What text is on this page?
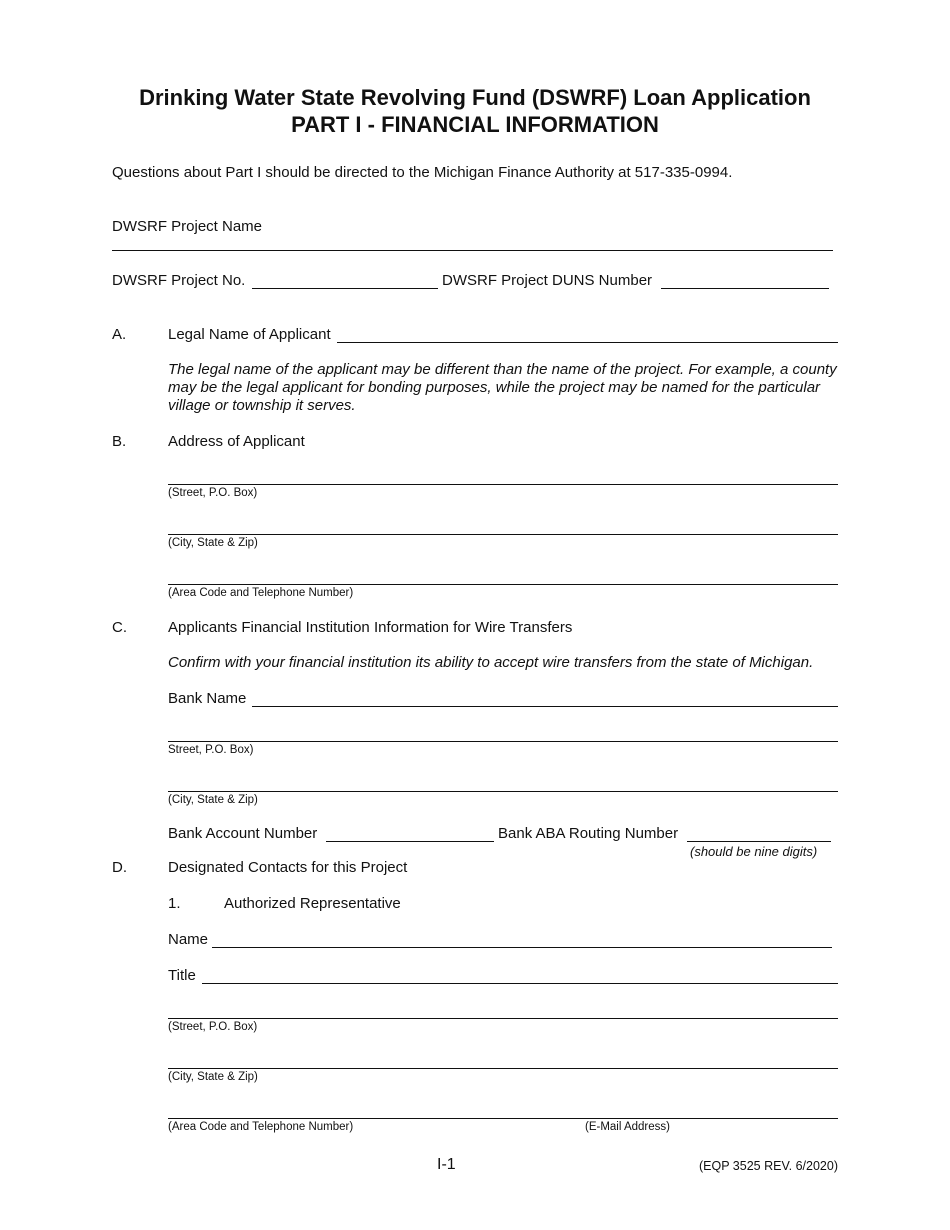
Drinking Water State Revolving Fund (DSWRF) Loan Application
PART I - FINANCIAL INFORMATION
Questions about Part I should be directed to the Michigan Finance Authority at 517-335-0994.
DWSRF Project Name
DWSRF Project No.	DWSRF Project DUNS Number
A.	Legal Name of Applicant
The legal name of the applicant may be different than the name of the project. For example, a county may be the legal applicant for bonding purposes, while the project may be named for the particular village or township it serves.
B.	Address of Applicant
(Street, P.O. Box)
(City, State & Zip)
(Area Code and Telephone Number)
C.	Applicants Financial Institution Information for Wire Transfers
Confirm with your financial institution its ability to accept wire transfers from the state of Michigan.
Bank Name
Street, P.O. Box)
(City, State & Zip)
Bank Account Number	Bank ABA Routing Number
(should be nine digits)
D.	Designated Contacts for this Project
1.	Authorized Representative
Name
Title
(Street, P.O. Box)
(City, State & Zip)
(Area Code and Telephone Number)	(E-Mail Address)
I-1	(EQP 3525 REV. 6/2020)
